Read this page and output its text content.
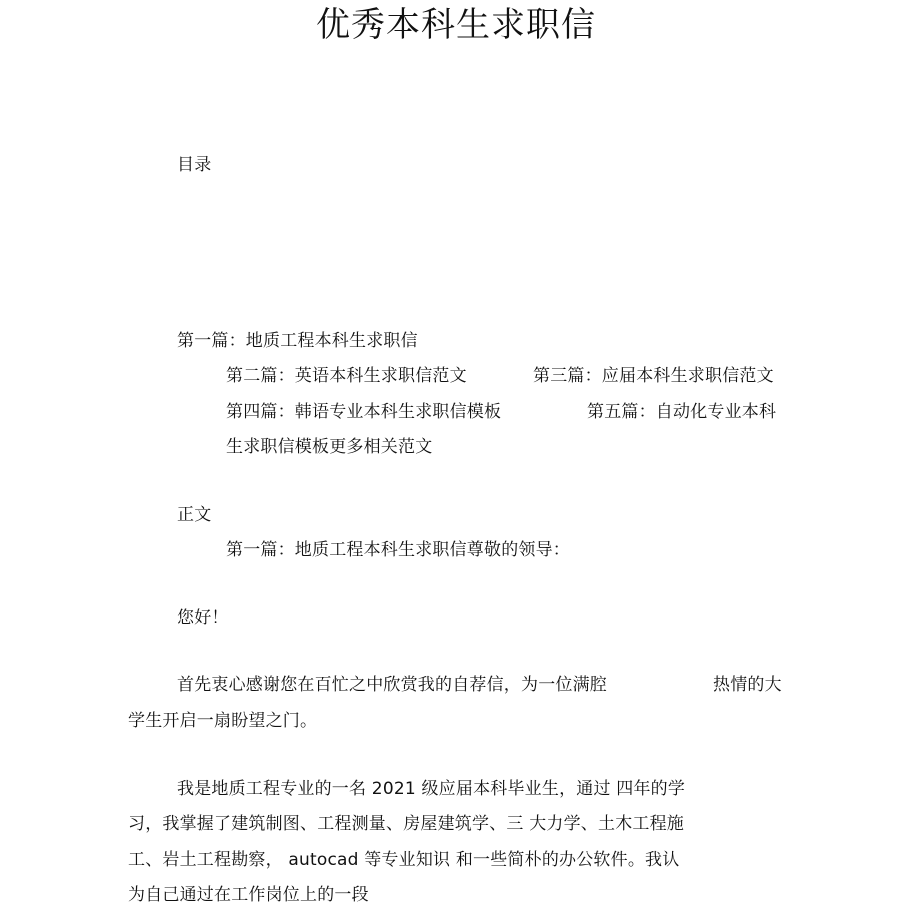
优秀本科生求职信
目录
第一篇：地质工程本科生求职信
第二篇：英语本科生求职信范文	第三篇：应届本科生求职信范文
第四篇：韩语专业本科生求职信模板	第五篇：自动化专业本科
生求职信模板更多相关范文
正文
第一篇：地质工程本科生求职信尊敬的领导：
您好！
首先衷心感谢您在百忙之中欣赏我的自荐信，为一位满腔	热情的大
学生开启一扇盼望之门。
我是地质工程专业的一名 2021 级应届本科毕业生，通过 四年的学
习，我掌握了建筑制图、工程测量、房屋建筑学、三 大力学、土木工程施
工、岩土工程勘察， autocad 等专业知识 和一些简朴的办公软件。我认
为自己通过在工作岗位上的一段
